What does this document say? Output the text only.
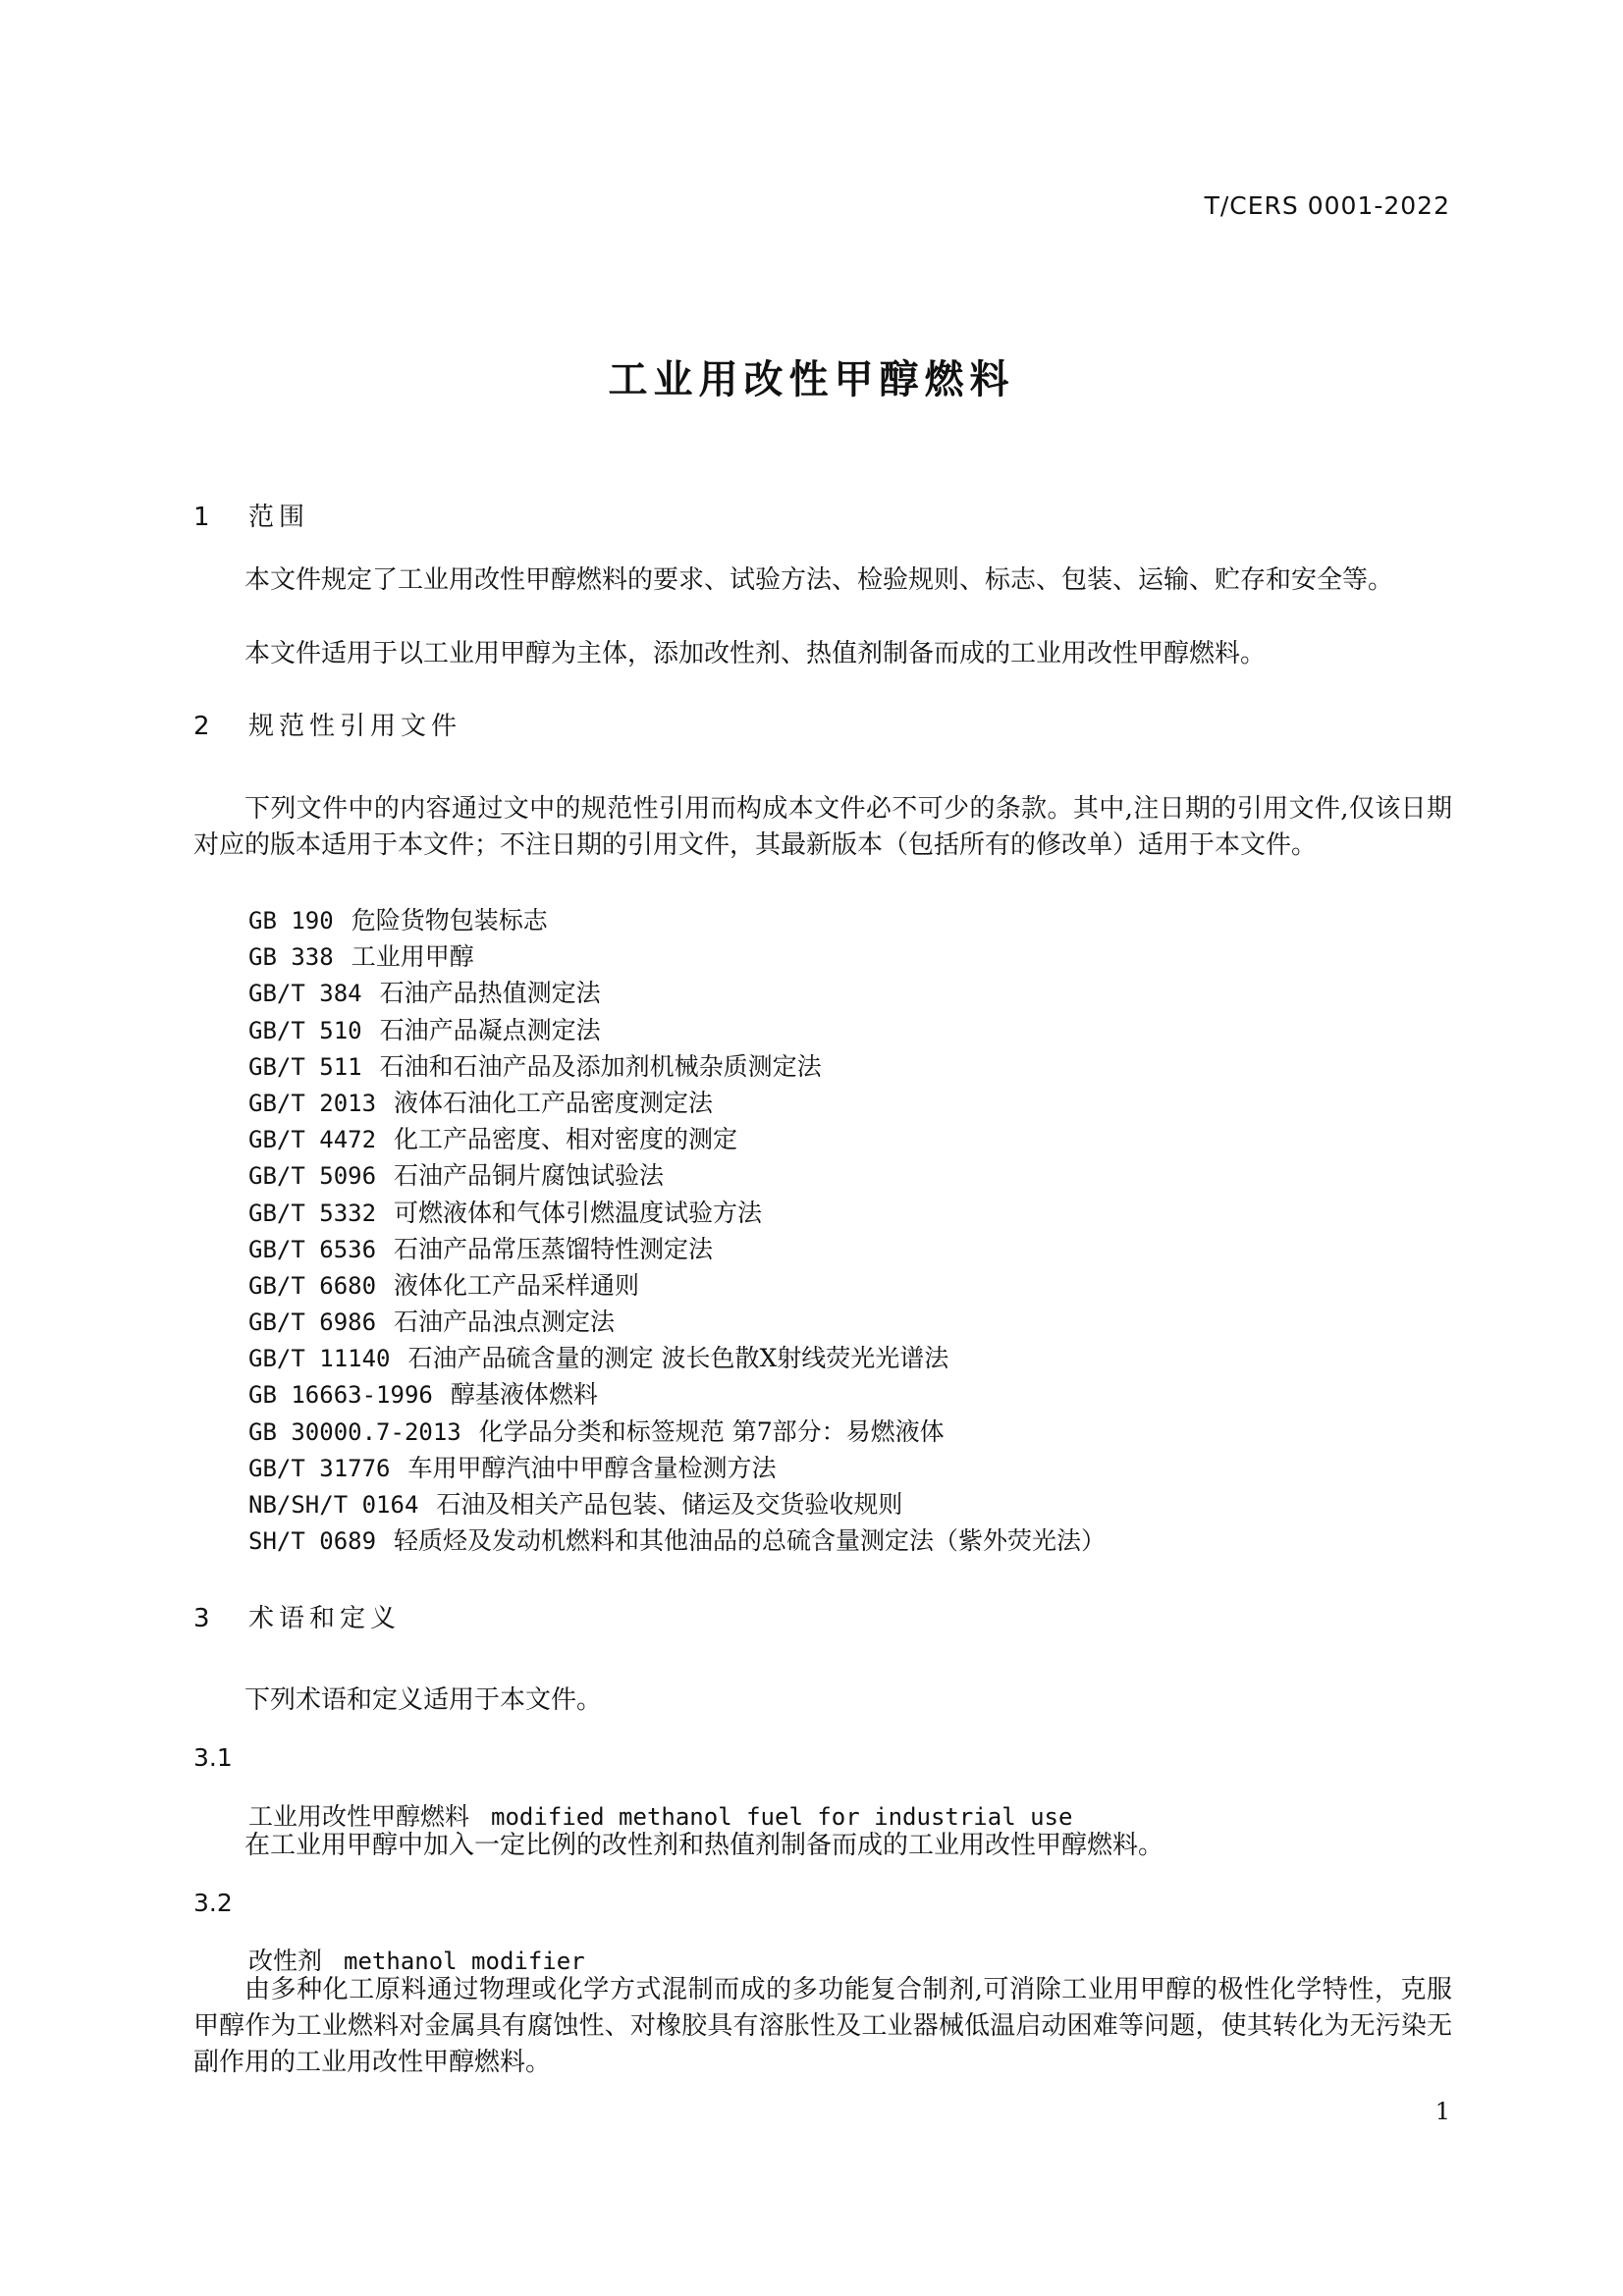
T/CERS 0001-2022
工业用改性甲醇燃料
1 范围
本文件规定了工业用改性甲醇燃料的要求、试验方法、检验规则、标志、包装、运输、贮存和安全等。
本文件适用于以工业用甲醇为主体，添加改性剂、热值剂制备而成的工业用改性甲醇燃料。
2 规范性引用文件
下列文件中的内容通过文中的规范性引用而构成本文件必不可少的条款。其中,注日期的引用文件,仅该日期对应的版本适用于本文件；不注日期的引用文件，其最新版本（包括所有的修改单）适用于本文件。
GB 190 危险货物包装标志
GB 338 工业用甲醇
GB/T 384 石油产品热值测定法
GB/T 510 石油产品凝点测定法
GB/T 511 石油和石油产品及添加剂机械杂质测定法
GB/T 2013 液体石油化工产品密度测定法
GB/T 4472 化工产品密度、相对密度的测定
GB/T 5096 石油产品铜片腐蚀试验法
GB/T 5332 可燃液体和气体引燃温度试验方法
GB/T 6536 石油产品常压蒸馏特性测定法
GB/T 6680 液体化工产品采样通则
GB/T 6986 石油产品浊点测定法
GB/T 11140 石油产品硫含量的测定 波长色散X射线荧光光谱法
GB 16663-1996 醇基液体燃料
GB 30000.7-2013 化学品分类和标签规范 第7部分：易燃液体
GB/T 31776 车用甲醇汽油中甲醇含量检测方法
NB/SH/T 0164 石油及相关产品包装、储运及交货验收规则
SH/T 0689 轻质烃及发动机燃料和其他油品的总硫含量测定法（紫外荧光法）
3 术语和定义
下列术语和定义适用于本文件。
3.1
工业用改性甲醇燃料 modified methanol fuel for industrial use
在工业用甲醇中加入一定比例的改性剂和热值剂制备而成的工业用改性甲醇燃料。
3.2
改性剂 methanol modifier
由多种化工原料通过物理或化学方式混制而成的多功能复合制剂,可消除工业用甲醇的极性化学特性，克服甲醇作为工业燃料对金属具有腐蚀性、对橡胶具有溶胀性及工业器械低温启动困难等问题，使其转化为无污染无副作用的工业用改性甲醇燃料。
1
